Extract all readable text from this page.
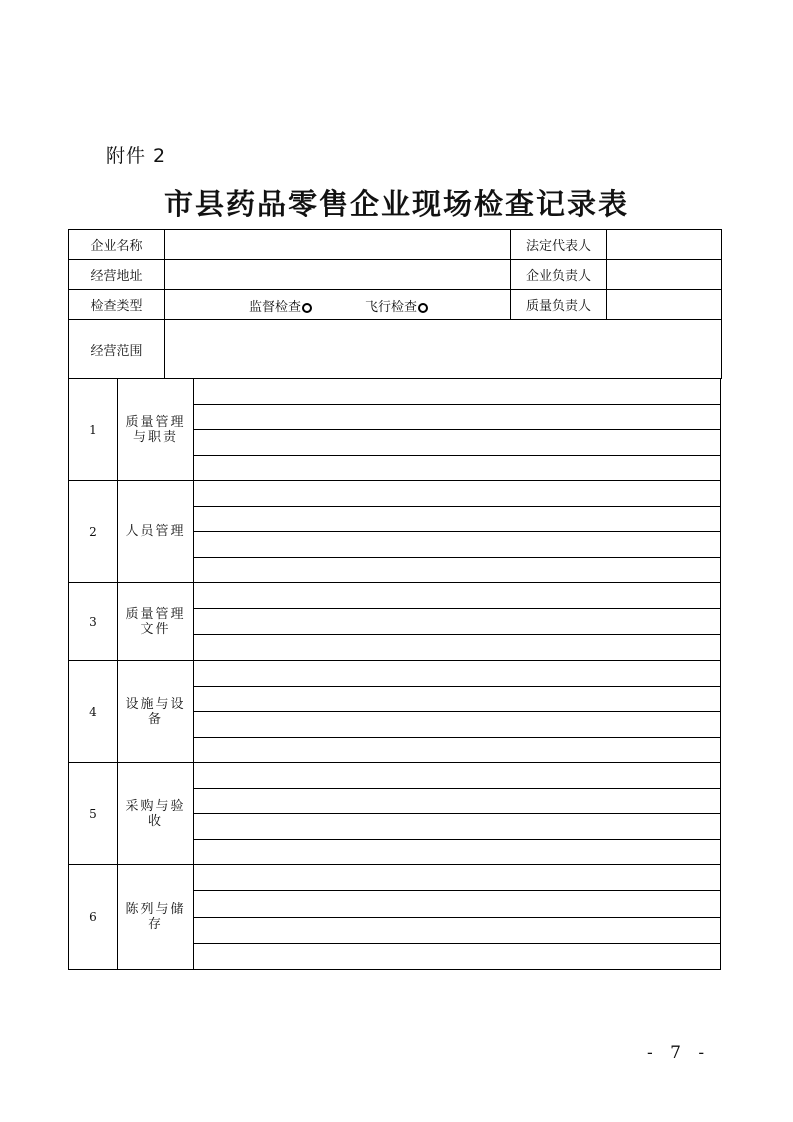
附件 2
市县药品零售企业现场检查记录表
企业名称		法定代表人	
经营地址		企业负责人	
检查类型	监督检查 飞行检查	质量负责人	
经营范围			
1	质量管理与职责
2	人员管理
3	质量管理文件
4	设施与设备
5	采购与验收
6	陈列与储存
- 7 -
